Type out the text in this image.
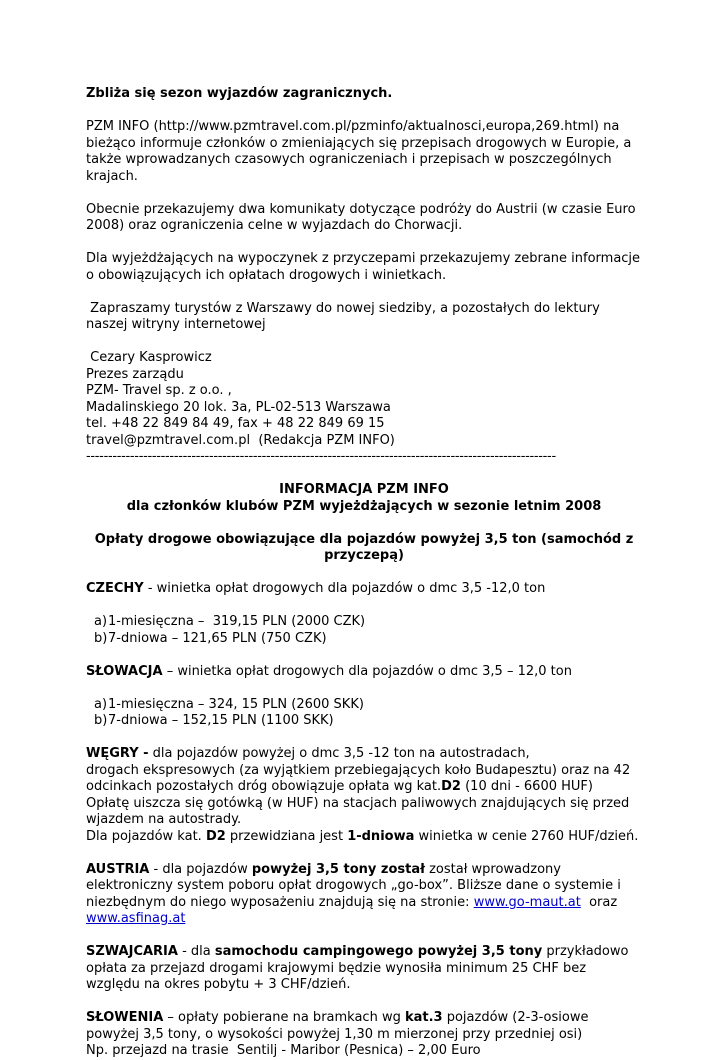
Zbliża się sezon wyjazdów zagranicznych.

PZM INFO (http://www.pzmtravel.com.pl/pzminfo/aktualnosci,europa,269.html) na bieżąco informuje członków o zmieniających się przepisach drogowych w Europie, a także wprowadzanych czasowych ograniczeniach i przepisach w poszczególnych krajach.

Obecnie przekazujemy dwa komunikaty dotyczące podróży do Austrii (w czasie Euro 2008) oraz ograniczenia celne w wyjazdach do Chorwacji.

Dla wyjeżdżających na wypoczynek z przyczepami przekazujemy zebrane informacje o obowiązujących ich opłatach drogowych i winietkach.

Zapraszamy turystów z Warszawy do nowej siedziby, a pozostałych do lektury naszej witryny internetowej

Cezary Kasprowicz

Prezes zarządu

PZM- Travel sp. z o.o. ,

Madalinskiego 20 lok. 3a, PL-02-513 Warszawa

tel. +48 22 849 84 49, fax + 48 22 849 69 15

travel@pzmtravel.com.pl  (Redakcja PZM INFO)

-----------------------------------------------------------------------------------------------------------

INFORMACJA PZM INFO

dla członków klubów PZM wyjeżdżających w sezonie letnim 2008

Opłaty drogowe obowiązujące dla pojazdów powyżej 3,5 ton (samochód z przyczepą)

CZECHY - winietka opłat drogowych dla pojazdów o dmc 3,5 -12,0 ton

a) 1-miesięczna –  319,15 PLN (2000 CZK)
b) 7-dniowa – 121,65 PLN (750 CZK)

SŁOWACJA – winietka opłat drogowych dla pojazdów o dmc 3,5 – 12,0 ton

a) 1-miesięczna – 324, 15 PLN (2600 SKK)
b) 7-dniowa – 152,15 PLN (1100 SKK)

WĘGRY - dla pojazdów powyżej o dmc 3,5 -12 ton na autostradach,

drogach ekspresowych (za wyjątkiem przebiegających koło Budapesztu) oraz na 42 odcinkach pozostałych dróg obowiązuje opłata wg kat.D2 (10 dni - 6600 HUF)

Opłatę uiszcza się gotówką (w HUF) na stacjach paliwowych znajdujących się przed wjazdem na autostrady.

Dla pojazdów kat. D2 przewidziana jest 1-dniowa winietka w cenie 2760 HUF/dzień.

AUSTRIA - dla pojazdów powyżej 3,5 tony został został wprowadzony elektroniczny system poboru opłat drogowych „go-box”. Bliższe dane o systemie i niezbędnym do niego wyposażeniu znajdują się na stronie: www.go-maut.at  oraz www.asfinag.at

SZWAJCARIA - dla samochodu campingowego powyżej 3,5 tony przykładowo opłata za przejazd drogami krajowymi będzie wynosiła minimum 25 CHF bez względu na okres pobytu + 3 CHF/dzień.

SŁOWENIA – opłaty pobierane na bramkach wg kat.3 pojazdów (2-3-osiowe powyżej 3,5 tony, o wysokości powyżej 1,30 m mierzonej przy przedniej osi)

Np. przejazd na trasie  Sentilj - Maribor (Pesnica) – 2,00 Euro
